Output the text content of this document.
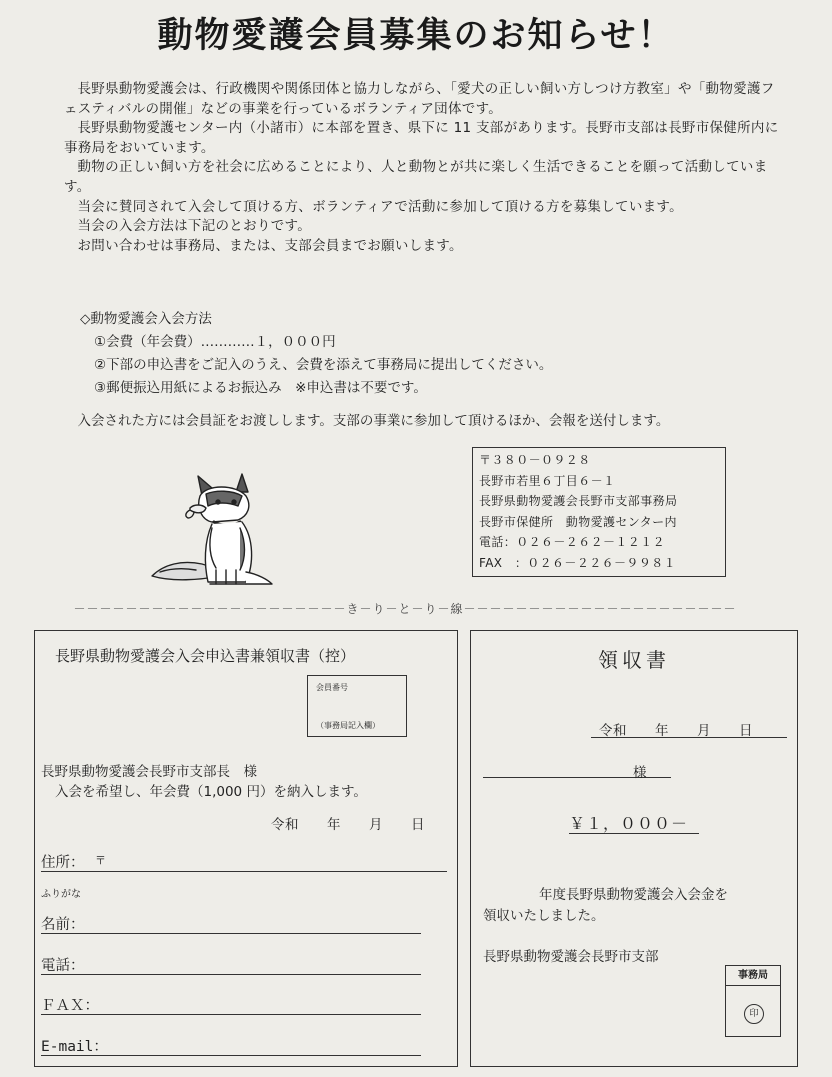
動物愛護会員募集のお知らせ！

長野県動物愛護会は、行政機関や関係団体と協力しながら、「愛犬の正しい飼い方しつけ方教室」や「動物愛護フェスティバルの開催」などの事業を行っているボランティア団体です。

長野県動物愛護センター内（小諸市）に本部を置き、県下に 11 支部があります。長野市支部は長野市保健所内に事務局をおいています。

動物の正しい飼い方を社会に広めることにより、人と動物とが共に楽しく生活できることを願って活動しています。

当会に賛同されて入会して頂ける方、ボランティアで活動に参加して頂ける方を募集しています。

当会の入会方法は下記のとおりです。

お問い合わせは事務局、または、支部会員までお願いします。

◇動物愛護会入会方法
①会費（年会費）…………１，０００円
②下部の申込書をご記入のうえ、会費を添えて事務局に提出してください。
③郵便振込用紙によるお振込み　※申込書は不要です。

入会された方には会員証をお渡しします。支部の事業に参加して頂けるほか、会報を送付します。

〒３８０－０９２８
長野市若里６丁目６－１
長野県動物愛護会長野市支部事務局
長野市保健所　動物愛護センター内
電話：０２６－２６２－１２１２
FAX　：０２６－２２６－９９８１
－－－－－－－－－－－－－－－－－－－－－き－り－と－り－線－－－－－－－－－－－－－－－－－－－－－
長野県動物愛護会入会申込書兼領収書（控）
会員番号
（事務局記入欄）
長野県動物愛護会長野市支部長　様
入会を希望し、年会費（1,000 円）を納入します。
令和　　年　　月　　日
住所： 〒
ふりがな
名前：
電話：
ＦＡＸ：
E-mail：
領収書
令和　　年　　月　　日
様
￥１，０００－

年度長野県動物愛護会入会金を

領収いたしました。

長野県動物愛護会長野市支部
事務局
印
